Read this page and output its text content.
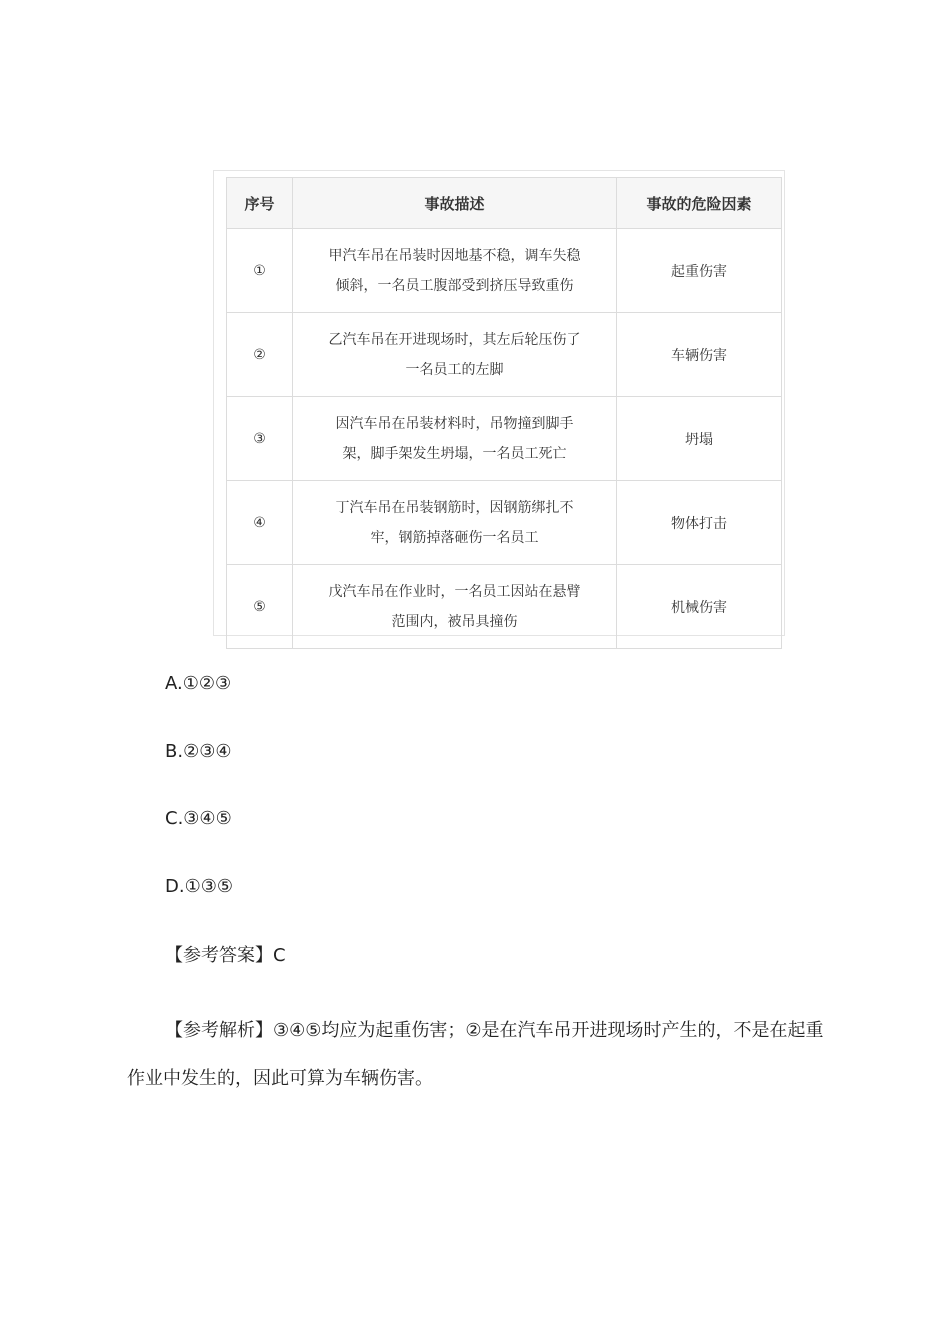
序号	事故描述	事故的危险因素
①	甲汽车吊在吊装时因地基不稳，调车失稳倾斜，一名员工腹部受到挤压导致重伤	起重伤害
②	乙汽车吊在开进现场时，其左后轮压伤了一名员工的左脚	车辆伤害
③	因汽车吊在吊装材料时，吊物撞到脚手架，脚手架发生坍塌，一名员工死亡	坍塌
④	丁汽车吊在吊装钢筋时，因钢筋绑扎不牢，钢筋掉落砸伤一名员工	物体打击
⑤	戊汽车吊在作业时，一名员工因站在悬臂范围内，被吊具撞伤	机械伤害
A.①②③
B.②③④
C.③④⑤
D.①③⑤
【参考答案】C
【参考解析】③④⑤均应为起重伤害；②是在汽车吊开进现场时产生的，不是在起重作业中发生的，因此可算为车辆伤害。
